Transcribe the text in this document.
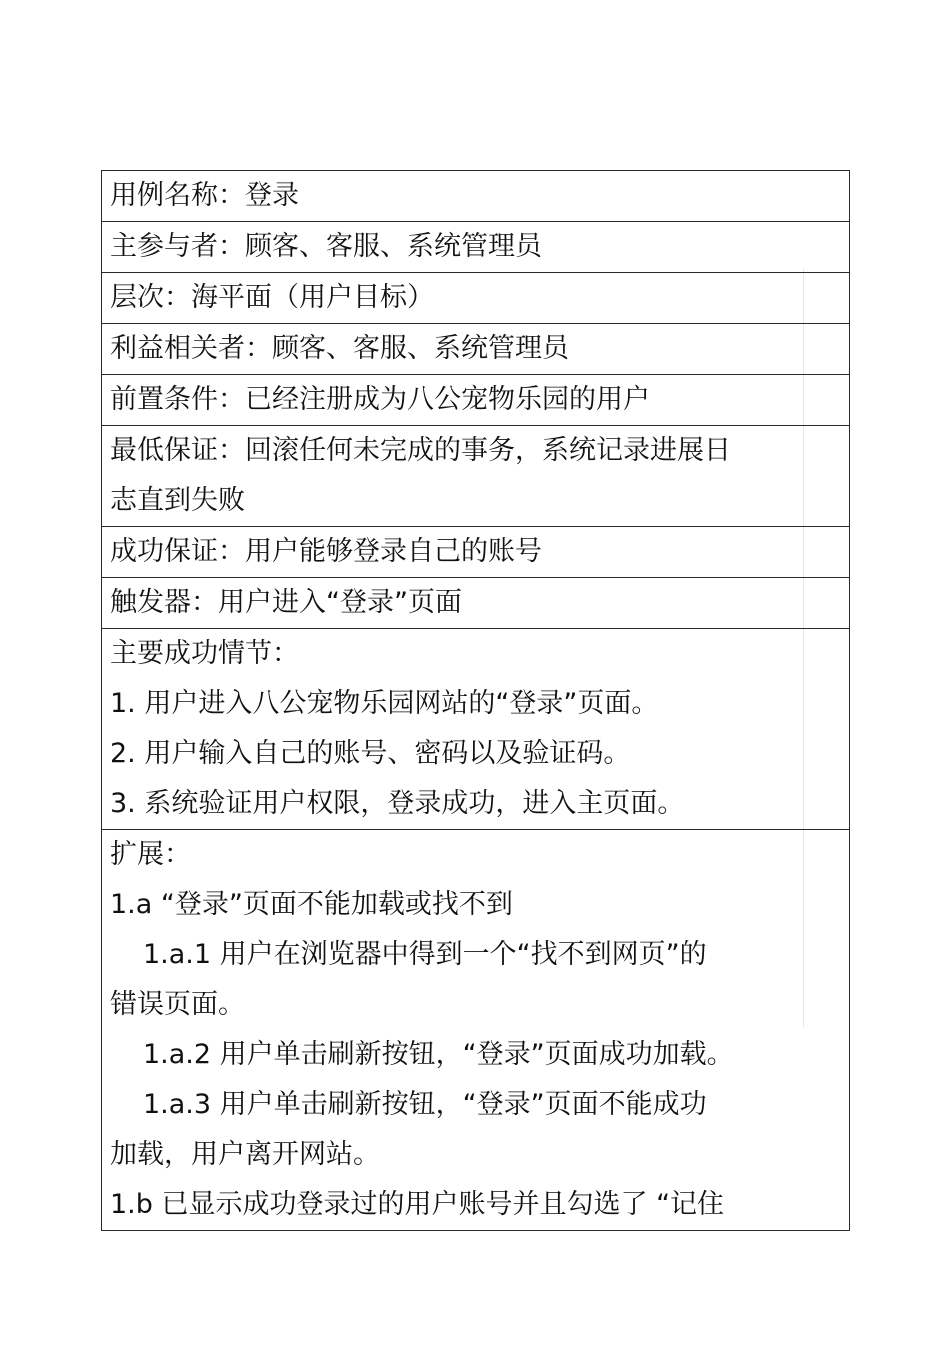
用例名称：登录

主参与者：顾客、客服、系统管理员

层次：海平面（用户目标）

利益相关者：顾客、客服、系统管理员

前置条件：已经注册成为八公宠物乐园的用户

最低保证：回滚任何未完成的事务，系统记录进展日
志直到失败

成功保证：用户能够登录自己的账号

触发器：用户进入“登录”页面

主要成功情节：
1. 用户进入八公宠物乐园网站的“登录”页面。
2. 用户输入自己的账号、密码以及验证码。
3. 系统验证用户权限，登录成功，进入主页面。

扩展：
1.a “登录”页面不能加载或找不到
1.a.1 用户在浏览器中得到一个“找不到网页”的
错误页面。
1.a.2 用户单击刷新按钮，“登录”页面成功加载。
1.a.3 用户单击刷新按钮，“登录”页面不能成功
加载，用户离开网站。
1.b 已显示成功登录过的用户账号并且勾选了 “记住
